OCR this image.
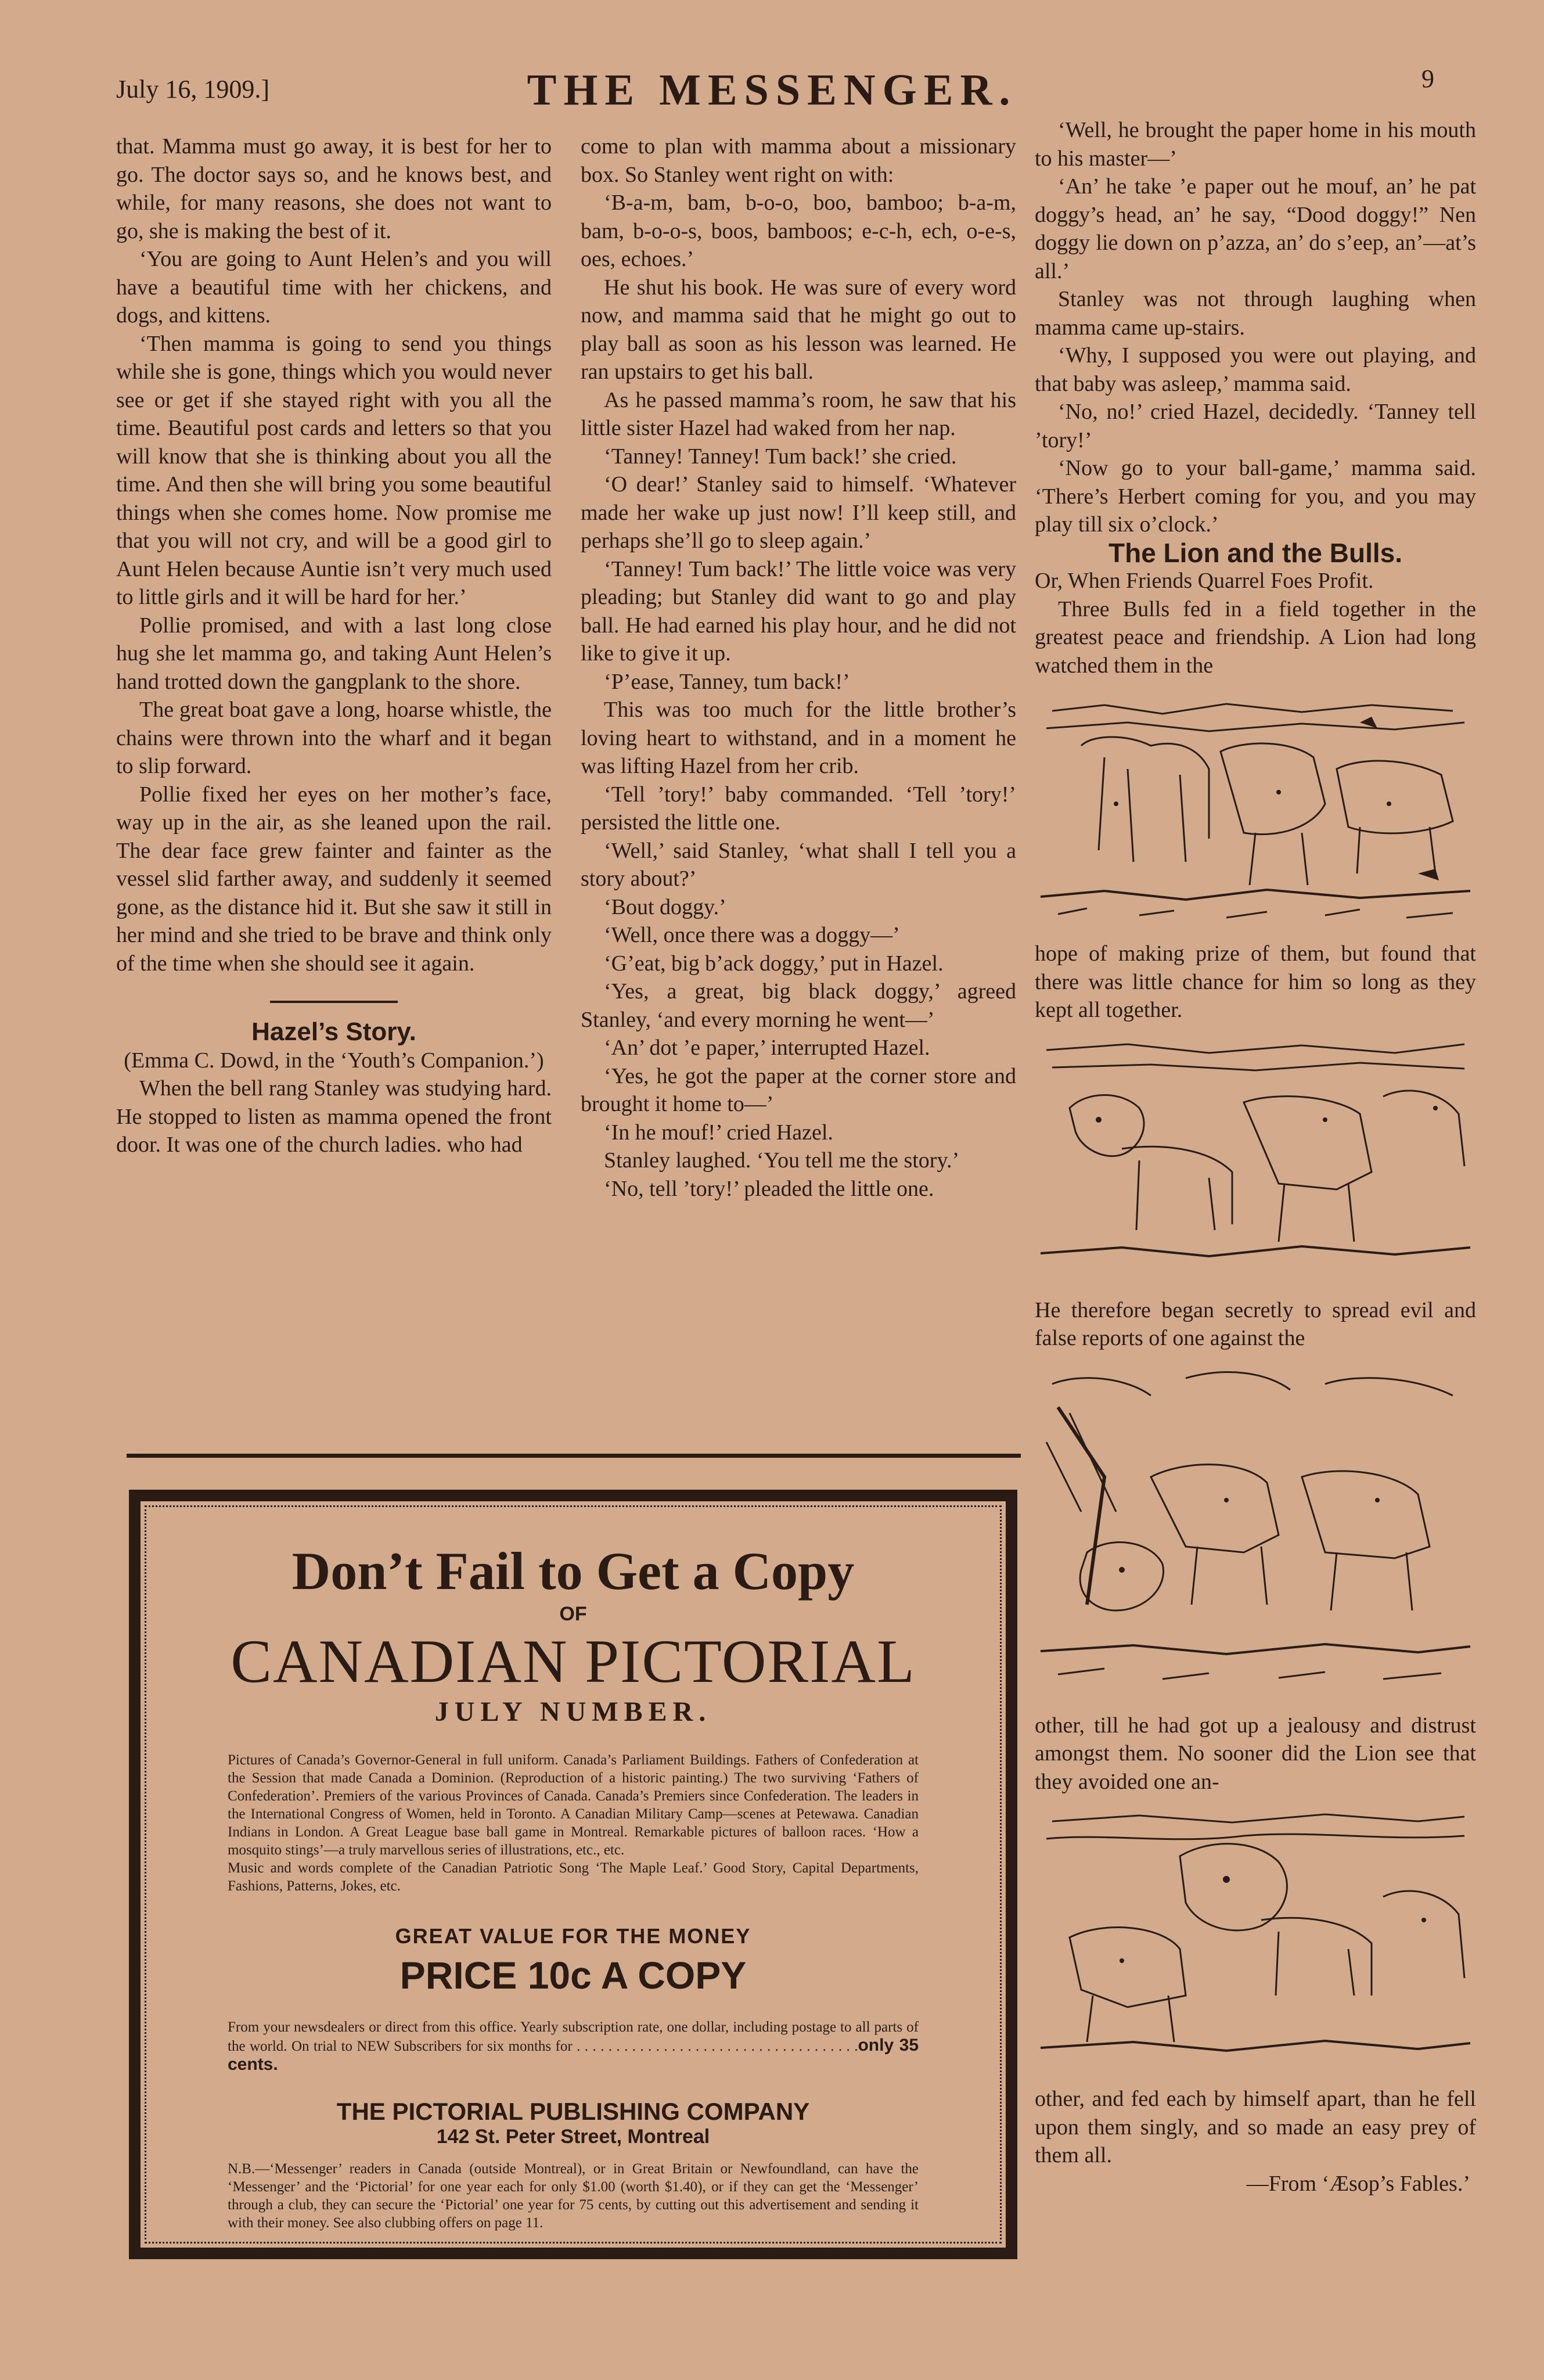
July 16, 1909.]	THE MESSENGER.	9

that. Mamma must go away, it is best for her to go. The doctor says so, and he knows best, and while, for many reasons, she does not want to go, she is making the best of it.

‘You are going to Aunt Helen’s and you will have a beautiful time with her chickens, and dogs, and kittens.

‘Then mamma is going to send you things while she is gone, things which you would never see or get if she stayed right with you all the time. Beautiful post cards and letters so that you will know that she is thinking about you all the time. And then she will bring you some beautiful things when she comes home. Now promise me that you will not cry, and will be a good girl to Aunt Helen because Auntie isn’t very much used to little girls and it will be hard for her.’

Pollie promised, and with a last long close hug she let mamma go, and taking Aunt Helen’s hand trotted down the gangplank to the shore.

The great boat gave a long, hoarse whistle, the chains were thrown into the wharf and it began to slip forward.

Pollie fixed her eyes on her mother’s face, way up in the air, as she leaned upon the rail. The dear face grew fainter and fainter as the vessel slid farther away, and suddenly it seemed gone, as the distance hid it. But she saw it still in her mind and she tried to be brave and think only of the time when she should see it again.

Hazel’s Story.

(Emma C. Dowd, in the ‘Youth’s Companion.’)

When the bell rang Stanley was studying hard. He stopped to listen as mamma opened the front door. It was one of the church ladies. who had

come to plan with mamma about a missionary box. So Stanley went right on with:

‘B-a-m, bam, b-o-o, boo, bamboo; b-a-m, bam, b-o-o-s, boos, bamboos; e-c-h, ech, o-e-s, oes, echoes.’

He shut his book. He was sure of every word now, and mamma said that he might go out to play ball as soon as his lesson was learned. He ran upstairs to get his ball.

As he passed mamma’s room, he saw that his little sister Hazel had waked from her nap.

‘Tanney! Tanney! Tum back!’ she cried.

‘O dear!’ Stanley said to himself. ‘Whatever made her wake up just now! I’ll keep still, and perhaps she’ll go to sleep again.’

‘Tanney! Tum back!’ The little voice was very pleading; but Stanley did want to go and play ball. He had earned his play hour, and he did not like to give it up.

‘P’ease, Tanney, tum back!’

This was too much for the little brother’s loving heart to withstand, and in a moment he was lifting Hazel from her crib.

‘Tell ’tory!’ baby commanded. ‘Tell ’tory!’ persisted the little one.

‘Well,’ said Stanley, ‘what shall I tell you a story about?’

‘Bout doggy.’

‘Well, once there was a doggy—’

‘G’eat, big b’ack doggy,’ put in Hazel.

‘Yes, a great, big black doggy,’ agreed Stanley, ‘and every morning he went—’

‘An’ dot ’e paper,’ interrupted Hazel.

‘Yes, he got the paper at the corner store and brought it home to—’

‘In he mouf!’ cried Hazel.

Stanley laughed. ‘You tell me the story.’

‘No, tell ’tory!’ pleaded the little one.

‘Well, he brought the paper home in his mouth to his master—’

‘An’ he take ’e paper out he mouf, an’ he pat doggy’s head, an’ he say, “Dood doggy!” Nen doggy lie down on p’azza, an’ do s’eep, an’—at’s all.’

Stanley was not through laughing when mamma came up-stairs.

‘Why, I supposed you were out playing, and that baby was asleep,’ mamma said.

‘No, no!’ cried Hazel, decidedly. ‘Tanney tell ’tory!’

‘Now go to your ball-game,’ mamma said. ‘There’s Herbert coming for you, and you may play till six o’clock.’

The Lion and the Bulls.

Or, When Friends Quarrel Foes Profit.

Three Bulls fed in a field together in the greatest peace and friendship. A Lion had long watched them in the

hope of making prize of them, but found that there was little chance for him so long as they kept all together.

He therefore began secretly to spread evil and false reports of one against the

other, till he had got up a jealousy and distrust amongst them. No sooner did the Lion see that they avoided one an-

other, and fed each by himself apart, than he fell upon them singly, and so made an easy prey of them all.

—From ‘Æsop’s Fables.’

Don’t Fail to Get a Copy

OF

CANADIAN PICTORIAL

JULY NUMBER.

Pictures of Canada’s Governor-General in full uniform. Canada’s Parliament Buildings. Fathers of Confederation at the Session that made Canada a Dominion. (Reproduction of a historic painting.) The two surviving ‘Fathers of Confederation’. Premiers of the various Provinces of Canada. Canada’s Premiers since Confederation. The leaders in the International Congress of Women, held in Toronto. A Canadian Military Camp—scenes at Petewawa. Canadian Indians in London. A Great League base ball game in Montreal. Remarkable pictures of balloon races. ‘How a mosquito stings’—a truly marvellous series of illustrations, etc., etc.

Music and words complete of the Canadian Patriotic Song ‘The Maple Leaf.’ Good Story, Capital Departments, Fashions, Patterns, Jokes, etc.

GREAT VALUE FOR THE MONEY

PRICE 10c A COPY

From your newsdealers or direct from this office. Yearly subscription rate, one dollar, including postage to all parts of the world. On trial to NEW Subscribers for six months for . . . . . . . . . . . . . . . . . . . . . . . . . . . . . . . . . . . .only 35 cents.

THE PICTORIAL PUBLISHING COMPANY

142 St. Peter Street, Montreal

N.B.—‘Messenger’ readers in Canada (outside Montreal), or in Great Britain or Newfoundland, can have the ‘Messenger’ and the ‘Pictorial’ for one year each for only $1.00 (worth $1.40), or if they can get the ‘Messenger’ through a club, they can secure the ‘Pictorial’ one year for 75 cents, by cutting out this advertisement and sending it with their money. See also clubbing offers on page 11.
